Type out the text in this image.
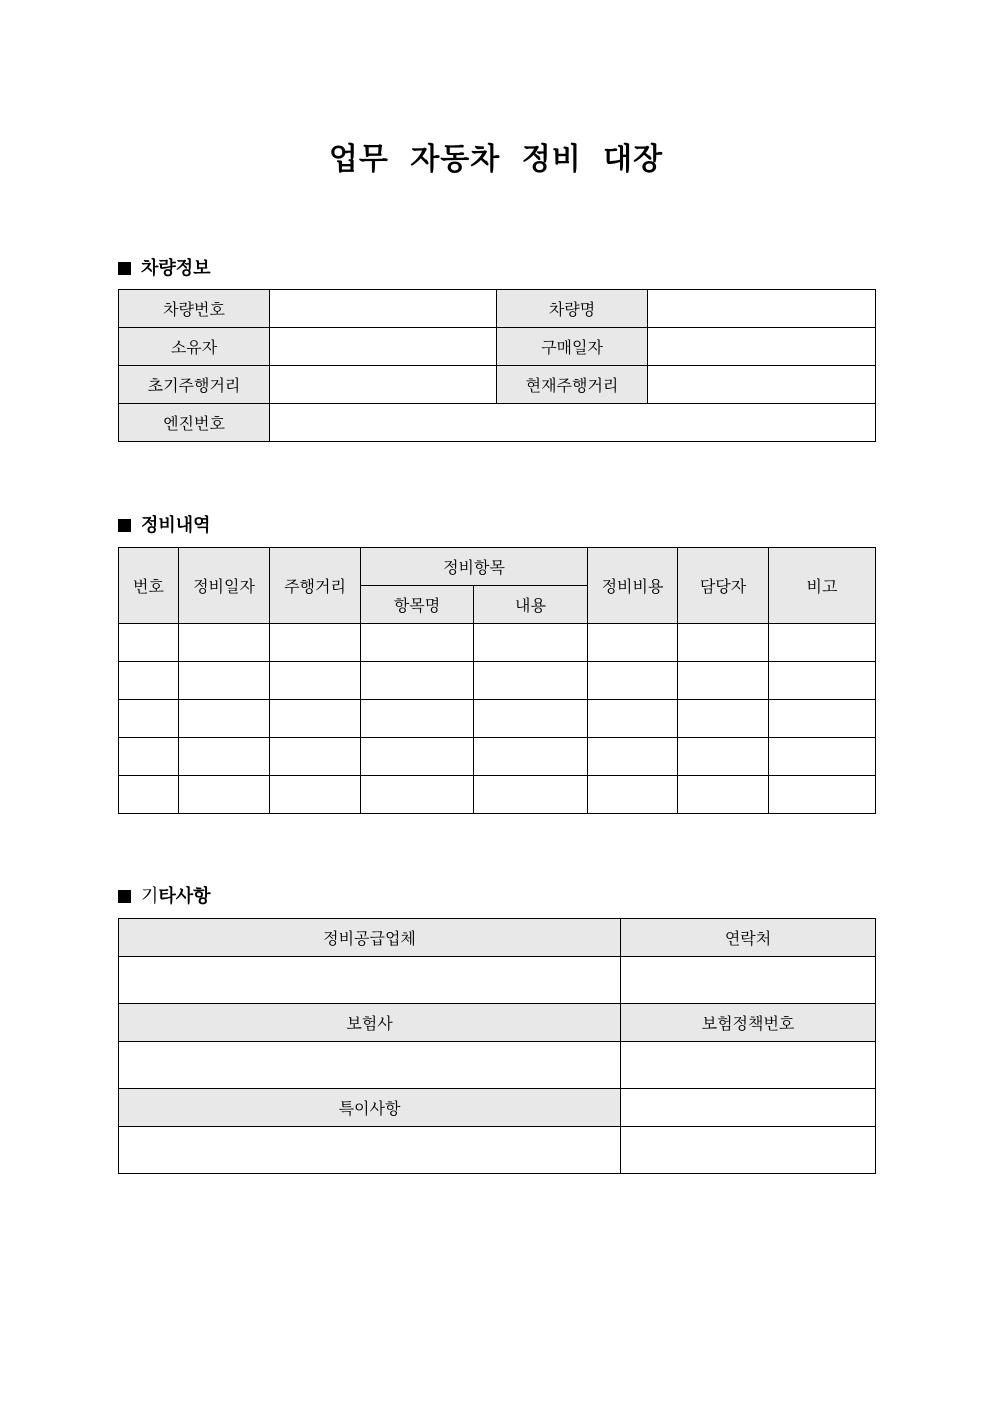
업무 자동차 정비 대장
차량정보
차량번호		차량명	
소유자		구매일자	
초기주행거리		현재주행거리	
엔진번호			
정비내역
번호	정비일자	주행거리	정비항목		정비비용	담당자	비고
			항목명	내용			

기타사항
정비공급업체	연락처

보험사	보험정책번호

특이사항	
